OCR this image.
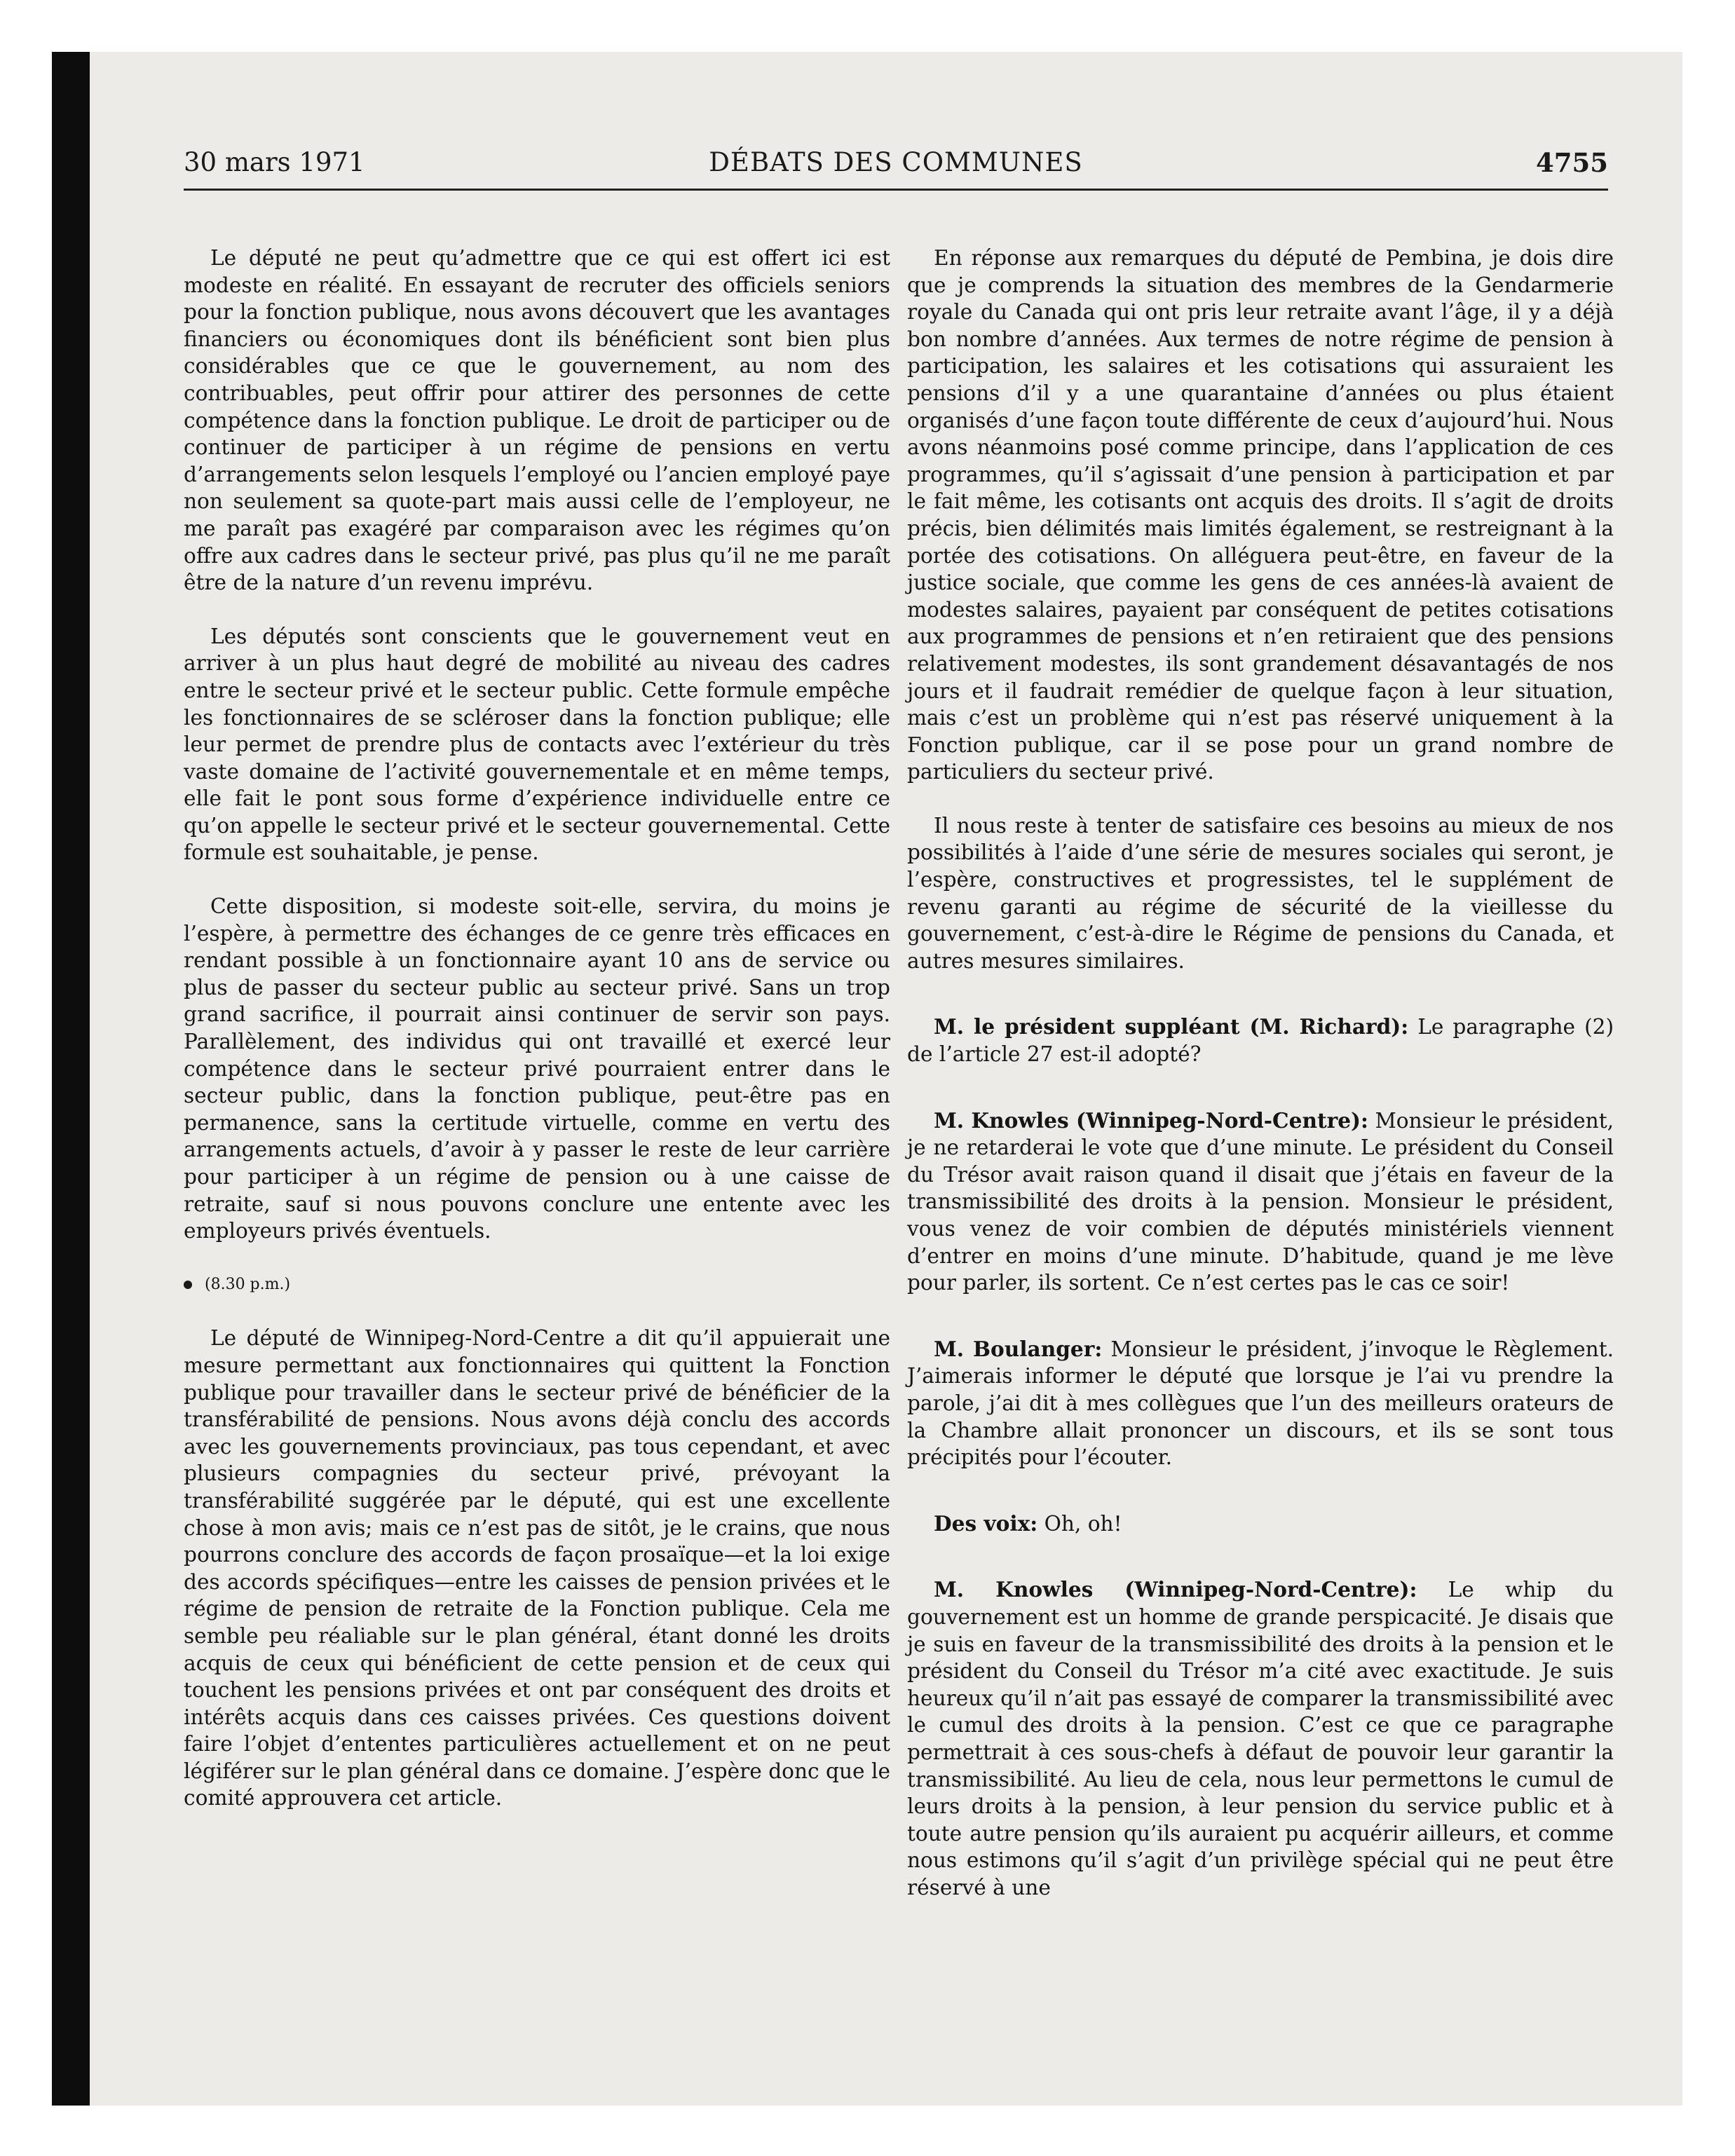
30 mars 1971	DÉBATS DES COMMUNES	4755

Le député ne peut qu’admettre que ce qui est offert ici est modeste en réalité. En essayant de recruter des officiels seniors pour la fonction publique, nous avons découvert que les avantages financiers ou économiques dont ils bénéficient sont bien plus considérables que ce que le gouvernement, au nom des contribuables, peut offrir pour attirer des personnes de cette compétence dans la fonction publique. Le droit de participer ou de continuer de participer à un régime de pensions en vertu d’arrangements selon lesquels l’employé ou l’ancien employé paye non seulement sa quote-part mais aussi celle de l’employeur, ne me paraît pas exagéré par comparaison avec les régimes qu’on offre aux cadres dans le secteur privé, pas plus qu’il ne me paraît être de la nature d’un revenu imprévu.

Les députés sont conscients que le gouvernement veut en arriver à un plus haut degré de mobilité au niveau des cadres entre le secteur privé et le secteur public. Cette formule empêche les fonctionnaires de se scléroser dans la fonction publique; elle leur permet de prendre plus de contacts avec l’extérieur du très vaste domaine de l’activité gouvernementale et en même temps, elle fait le pont sous forme d’expérience individuelle entre ce qu’on appelle le secteur privé et le secteur gouvernemental. Cette formule est souhaitable, je pense.

Cette disposition, si modeste soit-elle, servira, du moins je l’espère, à permettre des échanges de ce genre très efficaces en rendant possible à un fonctionnaire ayant 10 ans de service ou plus de passer du secteur public au secteur privé. Sans un trop grand sacrifice, il pourrait ainsi continuer de servir son pays. Parallèlement, des individus qui ont travaillé et exercé leur compétence dans le secteur privé pourraient entrer dans le secteur public, dans la fonction publique, peut-être pas en permanence, sans la certitude virtuelle, comme en vertu des arrangements actuels, d’avoir à y passer le reste de leur carrière pour participer à un régime de pension ou à une caisse de retraite, sauf si nous pouvons conclure une entente avec les employeurs privés éventuels.

(8.30 p.m.)

Le député de Winnipeg-Nord-Centre a dit qu’il appuierait une mesure permettant aux fonctionnaires qui quittent la Fonction publique pour travailler dans le secteur privé de bénéficier de la transférabilité de pensions. Nous avons déjà conclu des accords avec les gouvernements provinciaux, pas tous cependant, et avec plusieurs compagnies du secteur privé, prévoyant la transférabilité suggérée par le député, qui est une excellente chose à mon avis; mais ce n’est pas de sitôt, je le crains, que nous pourrons conclure des accords de façon prosaïque—et la loi exige des accords spécifiques—entre les caisses de pension privées et le régime de pension de retraite de la Fonction publique. Cela me semble peu réaliable sur le plan général, étant donné les droits acquis de ceux qui bénéficient de cette pension et de ceux qui touchent les pensions privées et ont par conséquent des droits et intérêts acquis dans ces caisses privées. Ces questions doivent faire l’objet d’ententes particulières actuellement et on ne peut légiférer sur le plan général dans ce domaine. J’espère donc que le comité approuvera cet article.

En réponse aux remarques du député de Pembina, je dois dire que je comprends la situation des membres de la Gendarmerie royale du Canada qui ont pris leur retraite avant l’âge, il y a déjà bon nombre d’années. Aux termes de notre régime de pension à participation, les salaires et les cotisations qui assuraient les pensions d’il y a une quarantaine d’années ou plus étaient organisés d’une façon toute différente de ceux d’aujourd’hui. Nous avons néanmoins posé comme principe, dans l’application de ces programmes, qu’il s’agissait d’une pension à participation et par le fait même, les cotisants ont acquis des droits. Il s’agit de droits précis, bien délimités mais limités également, se restreignant à la portée des cotisations. On alléguera peut-être, en faveur de la justice sociale, que comme les gens de ces années-là avaient de modestes salaires, payaient par conséquent de petites cotisations aux programmes de pensions et n’en retiraient que des pensions relativement modestes, ils sont grandement désavantagés de nos jours et il faudrait remédier de quelque façon à leur situation, mais c’est un problème qui n’est pas réservé uniquement à la Fonction publique, car il se pose pour un grand nombre de particuliers du secteur privé.

Il nous reste à tenter de satisfaire ces besoins au mieux de nos possibilités à l’aide d’une série de mesures sociales qui seront, je l’espère, constructives et progressistes, tel le supplément de revenu garanti au régime de sécurité de la vieillesse du gouvernement, c’est-à-dire le Régime de pensions du Canada, et autres mesures similaires.

M. le président suppléant (M. Richard): Le paragraphe (2) de l’article 27 est-il adopté?

M. Knowles (Winnipeg-Nord-Centre): Monsieur le président, je ne retarderai le vote que d’une minute. Le président du Conseil du Trésor avait raison quand il disait que j’étais en faveur de la transmissibilité des droits à la pension. Monsieur le président, vous venez de voir combien de députés ministériels viennent d’entrer en moins d’une minute. D’habitude, quand je me lève pour parler, ils sortent. Ce n’est certes pas le cas ce soir!

M. Boulanger: Monsieur le président, j’invoque le Règlement. J’aimerais informer le député que lorsque je l’ai vu prendre la parole, j’ai dit à mes collègues que l’un des meilleurs orateurs de la Chambre allait prononcer un discours, et ils se sont tous précipités pour l’écouter.

Des voix: Oh, oh!

M. Knowles (Winnipeg-Nord-Centre): Le whip du gouvernement est un homme de grande perspicacité. Je disais que je suis en faveur de la transmissibilité des droits à la pension et le président du Conseil du Trésor m’a cité avec exactitude. Je suis heureux qu’il n’ait pas essayé de comparer la transmissibilité avec le cumul des droits à la pension. C’est ce que ce paragraphe permettrait à ces sous-chefs à défaut de pouvoir leur garantir la transmissibilité. Au lieu de cela, nous leur permettons le cumul de leurs droits à la pension, à leur pension du service public et à toute autre pension qu’ils auraient pu acquérir ailleurs, et comme nous estimons qu’il s’agit d’un privilège spécial qui ne peut être réservé à une
